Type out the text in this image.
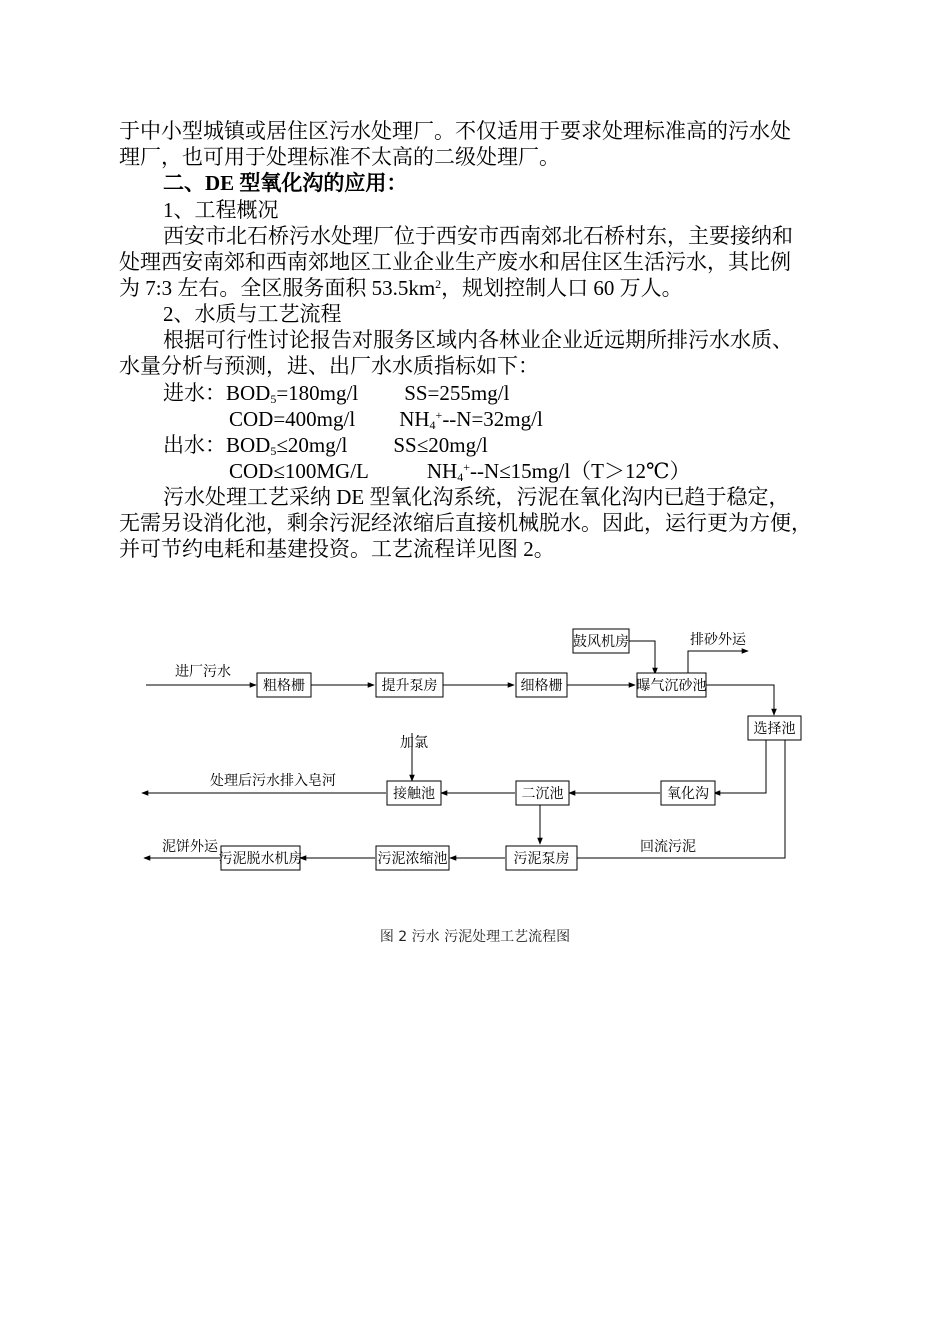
于中小型城镇或居住区污水处理厂。不仅适用于要求处理标准高的污水处
理厂，也可用于处理标准不太高的二级处理厂。
二、DE 型氧化沟的应用：
1、工程概况
西安市北石桥污水处理厂位于西安市西南郊北石桥村东，主要接纳和
处理西安南郊和西南郊地区工业企业生产废水和居住区生活污水，其比例
为 7:3 左右。全区服务面积 $53.5km^2$，规划控制人口 60 万人。
2、水质与工艺流程
根据可行性讨论报告对服务区域内各林业企业近远期所排污水水质、
水量分析与预测，进、出厂水水质指标如下：
进水：$BOD_5=180mg/l$ SS=255mg/l
COD=400mg/l $NH_4^+--N=32mg/l$
出水：$BOD_5\le 20mg/l$ SS≤20mg/l
COD≤100MG/L	$NH_4^+--N\le 15mg/l(T>12℃)$
污水处理工艺采纳 DE 型氧化沟系统，污泥在氧化沟内已趋于稳定，
无需另设消化池，剩余污泥经浓缩后直接机械脱水。因此，运行更为方便，
并可节约电耗和基建投资。工艺流程详见图 2。
粗格栅	提升泵房	细格栅	曝气沉砂池
鼓风机房
选择池
氧化沟
二沉池
接触池
污泥泵房
污泥浓缩池
污泥脱水机房
进厂污水
排砂外运
加氯
处理后污水排入皂河
回流污泥
泥饼外运
图 2 污水 污泥处理工艺流程图
